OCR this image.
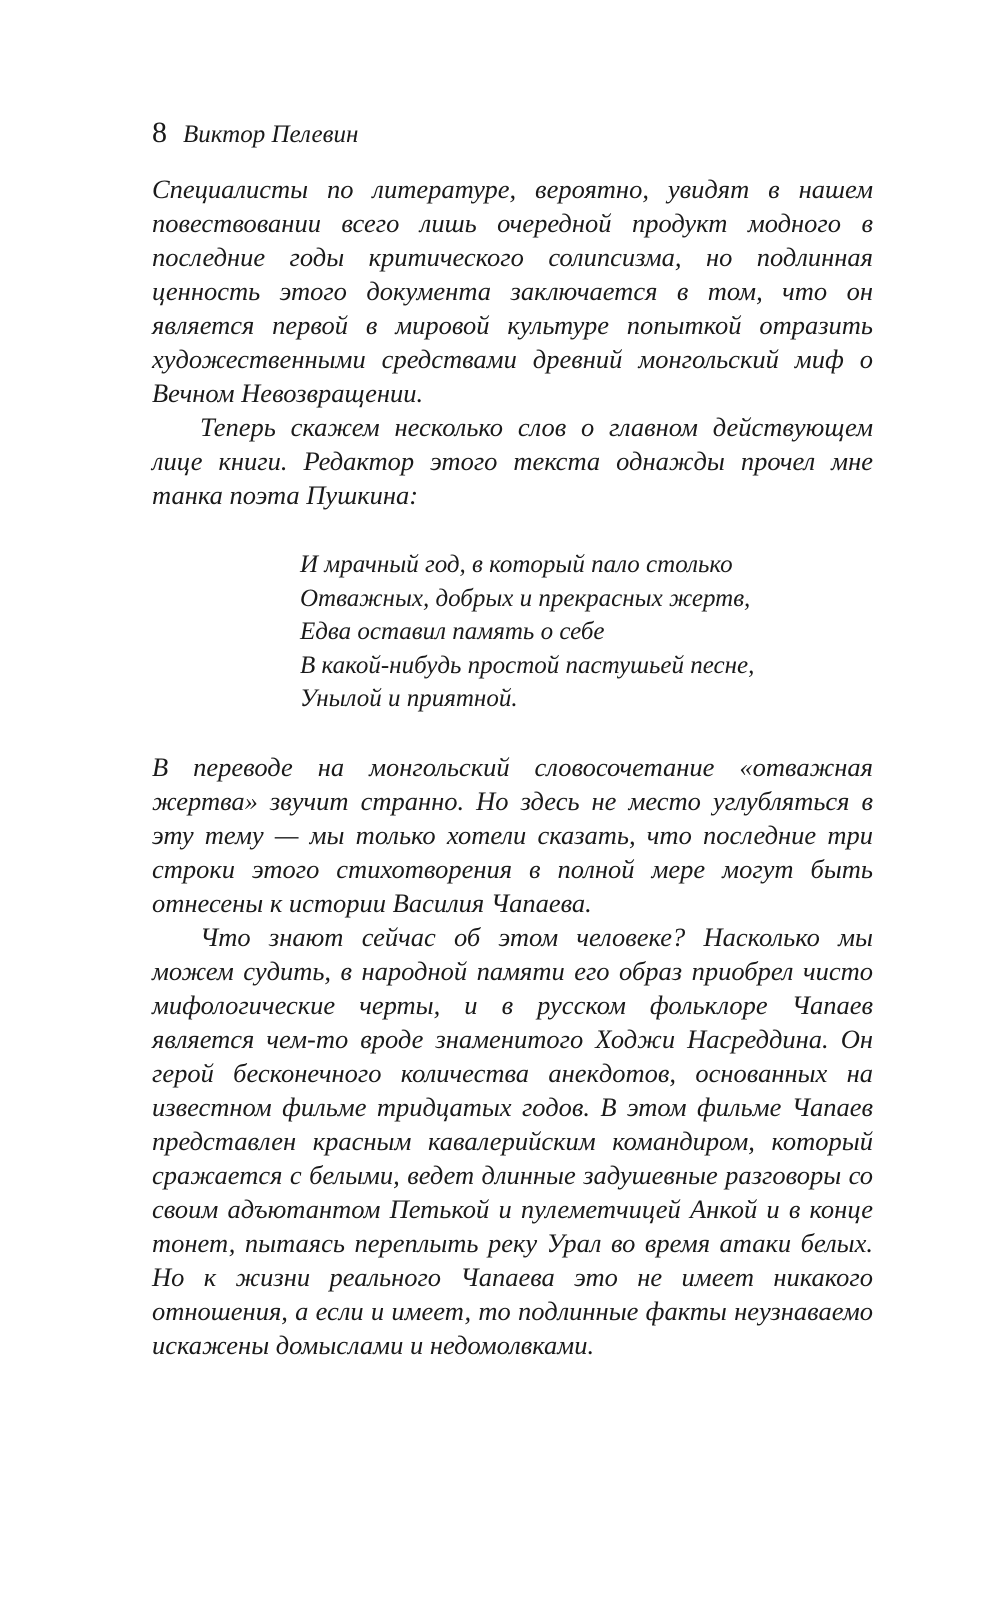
8 Виктор Пелевин

Специалисты по литературе, вероятно, увидят в нашем повествовании всего лишь очередной продукт модного в последние годы критического солипсизма, но подлинная ценность этого документа заключается в том, что он является первой в мировой культуре попыткой отразить художественными средствами древний монгольский миф о Вечном Невозвращении.

Теперь скажем несколько слов о главном действующем лице книги. Редактор этого текста однажды прочел мне танка поэта Пушкина:

И мрачный год, в который пало столько
Отважных, добрых и прекрасных жертв,
Едва оставил память о себе
В какой-нибудь простой пастушьей песне,
Унылой и приятной.

В переводе на монгольский словосочетание «отважная жертва» звучит странно. Но здесь не место углубляться в эту тему — мы только хотели сказать, что последние три строки этого стихотворения в полной мере могут быть отнесены к истории Василия Чапаева.

Что знают сейчас об этом человеке? Насколько мы можем судить, в народной памяти его образ приобрел чисто мифологические черты, и в русском фольклоре Чапаев является чем-то вроде знаменитого Ходжи Насреддина. Он герой бесконечного количества анекдотов, основанных на известном фильме тридцатых годов. В этом фильме Чапаев представлен красным кавалерийским командиром, который сражается с белыми, ведет длинные задушевные разговоры со своим адъютантом Петькой и пулеметчицей Анкой и в конце тонет, пытаясь переплыть реку Урал во время атаки белых. Но к жизни реального Чапаева это не имеет никакого отношения, а если и имеет, то подлинные факты неузнаваемо искажены домыслами и недомолвками.
